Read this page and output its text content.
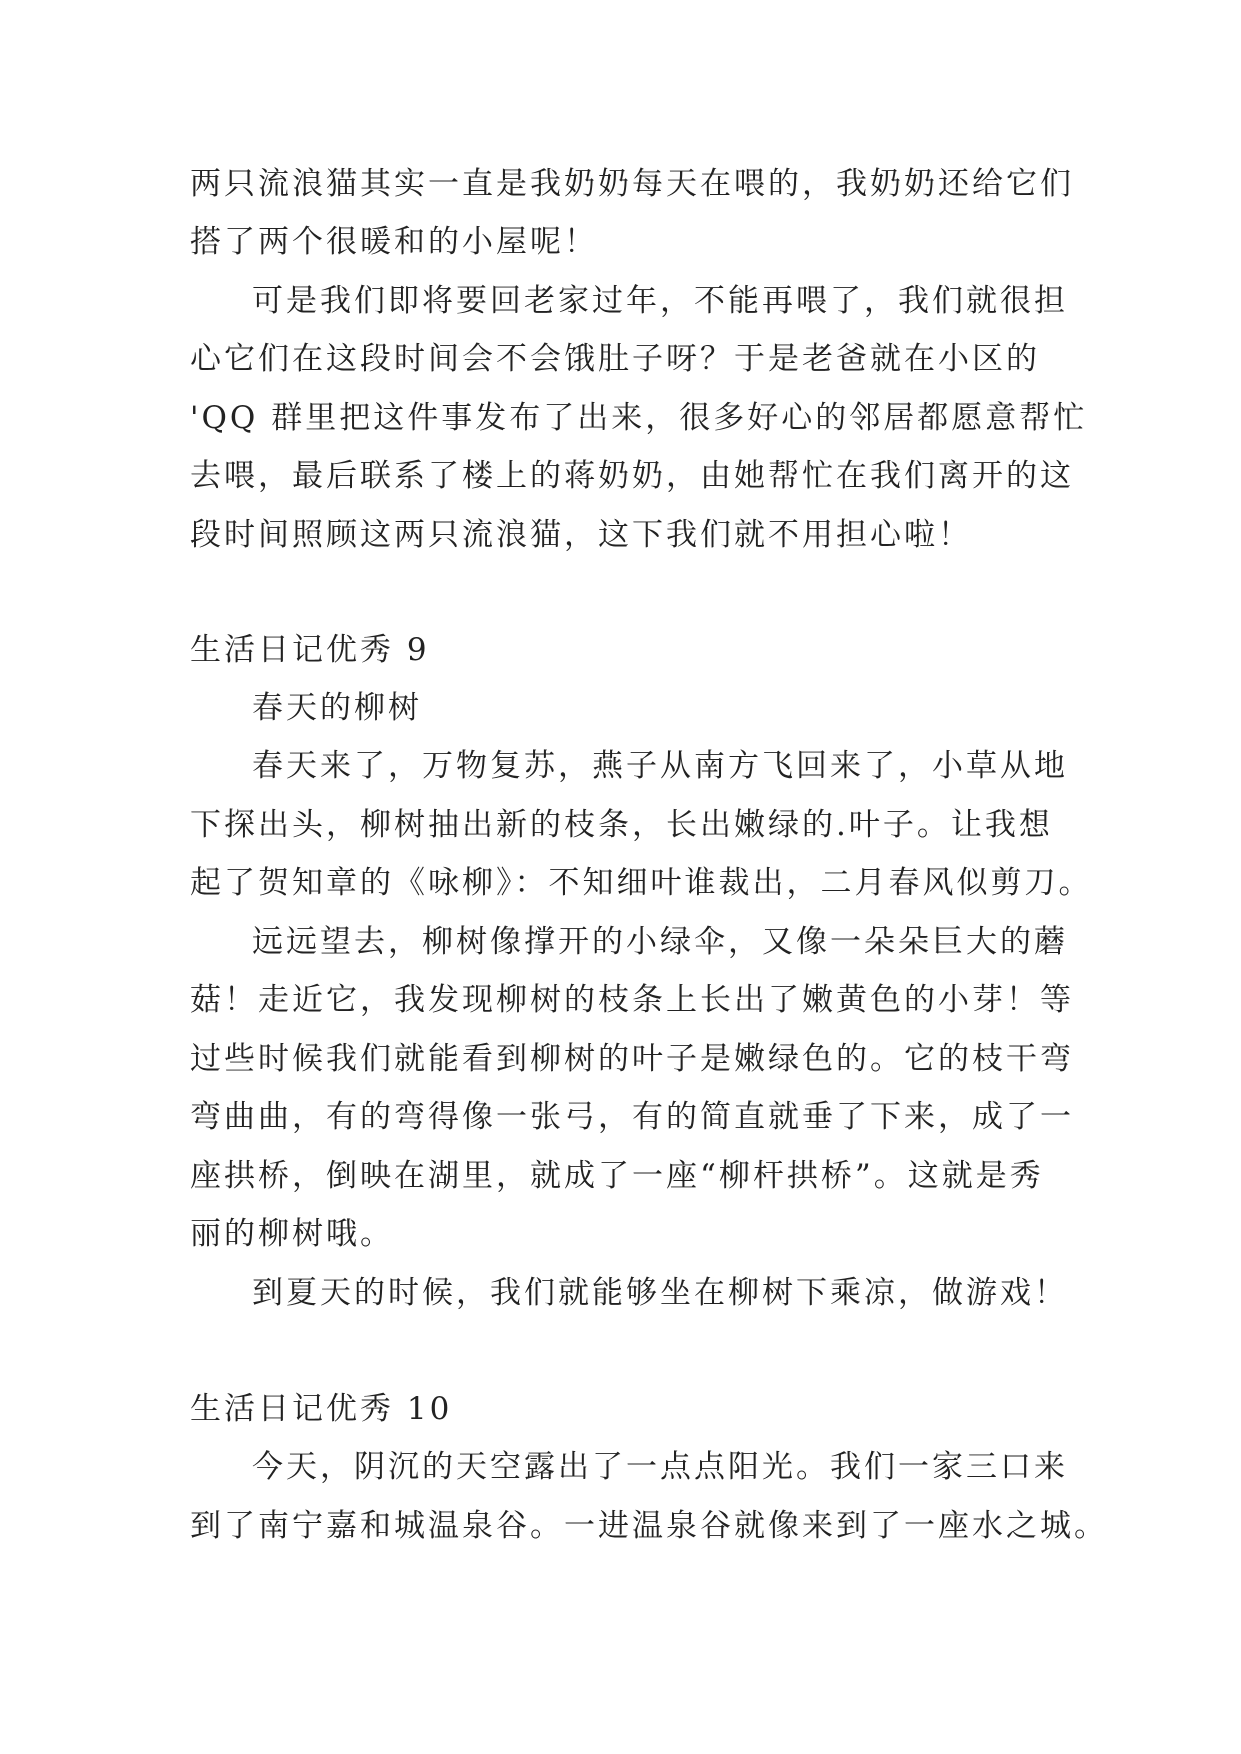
两只流浪猫其实一直是我奶奶每天在喂的，我奶奶还给它们
搭了两个很暖和的小屋呢！
可是我们即将要回老家过年，不能再喂了，我们就很担
心它们在这段时间会不会饿肚子呀？于是老爸就在小区的
'QQ 群里把这件事发布了出来，很多好心的邻居都愿意帮忙
去喂，最后联系了楼上的蒋奶奶，由她帮忙在我们离开的这
段时间照顾这两只流浪猫，这下我们就不用担心啦！
生活日记优秀 9
春天的柳树
春天来了，万物复苏，燕子从南方飞回来了，小草从地
下探出头，柳树抽出新的枝条，长出嫩绿的.叶子。让我想
起了贺知章的《咏柳》：不知细叶谁裁出，二月春风似剪刀。
远远望去，柳树像撑开的小绿伞，又像一朵朵巨大的蘑
菇！走近它，我发现柳树的枝条上长出了嫩黄色的小芽！等
过些时候我们就能看到柳树的叶子是嫩绿色的。它的枝干弯
弯曲曲，有的弯得像一张弓，有的简直就垂了下来，成了一
座拱桥，倒映在湖里，就成了一座“柳杆拱桥”。这就是秀
丽的柳树哦。
到夏天的时候，我们就能够坐在柳树下乘凉，做游戏！
生活日记优秀 10
今天，阴沉的天空露出了一点点阳光。我们一家三口来
到了南宁嘉和城温泉谷。一进温泉谷就像来到了一座水之城。
